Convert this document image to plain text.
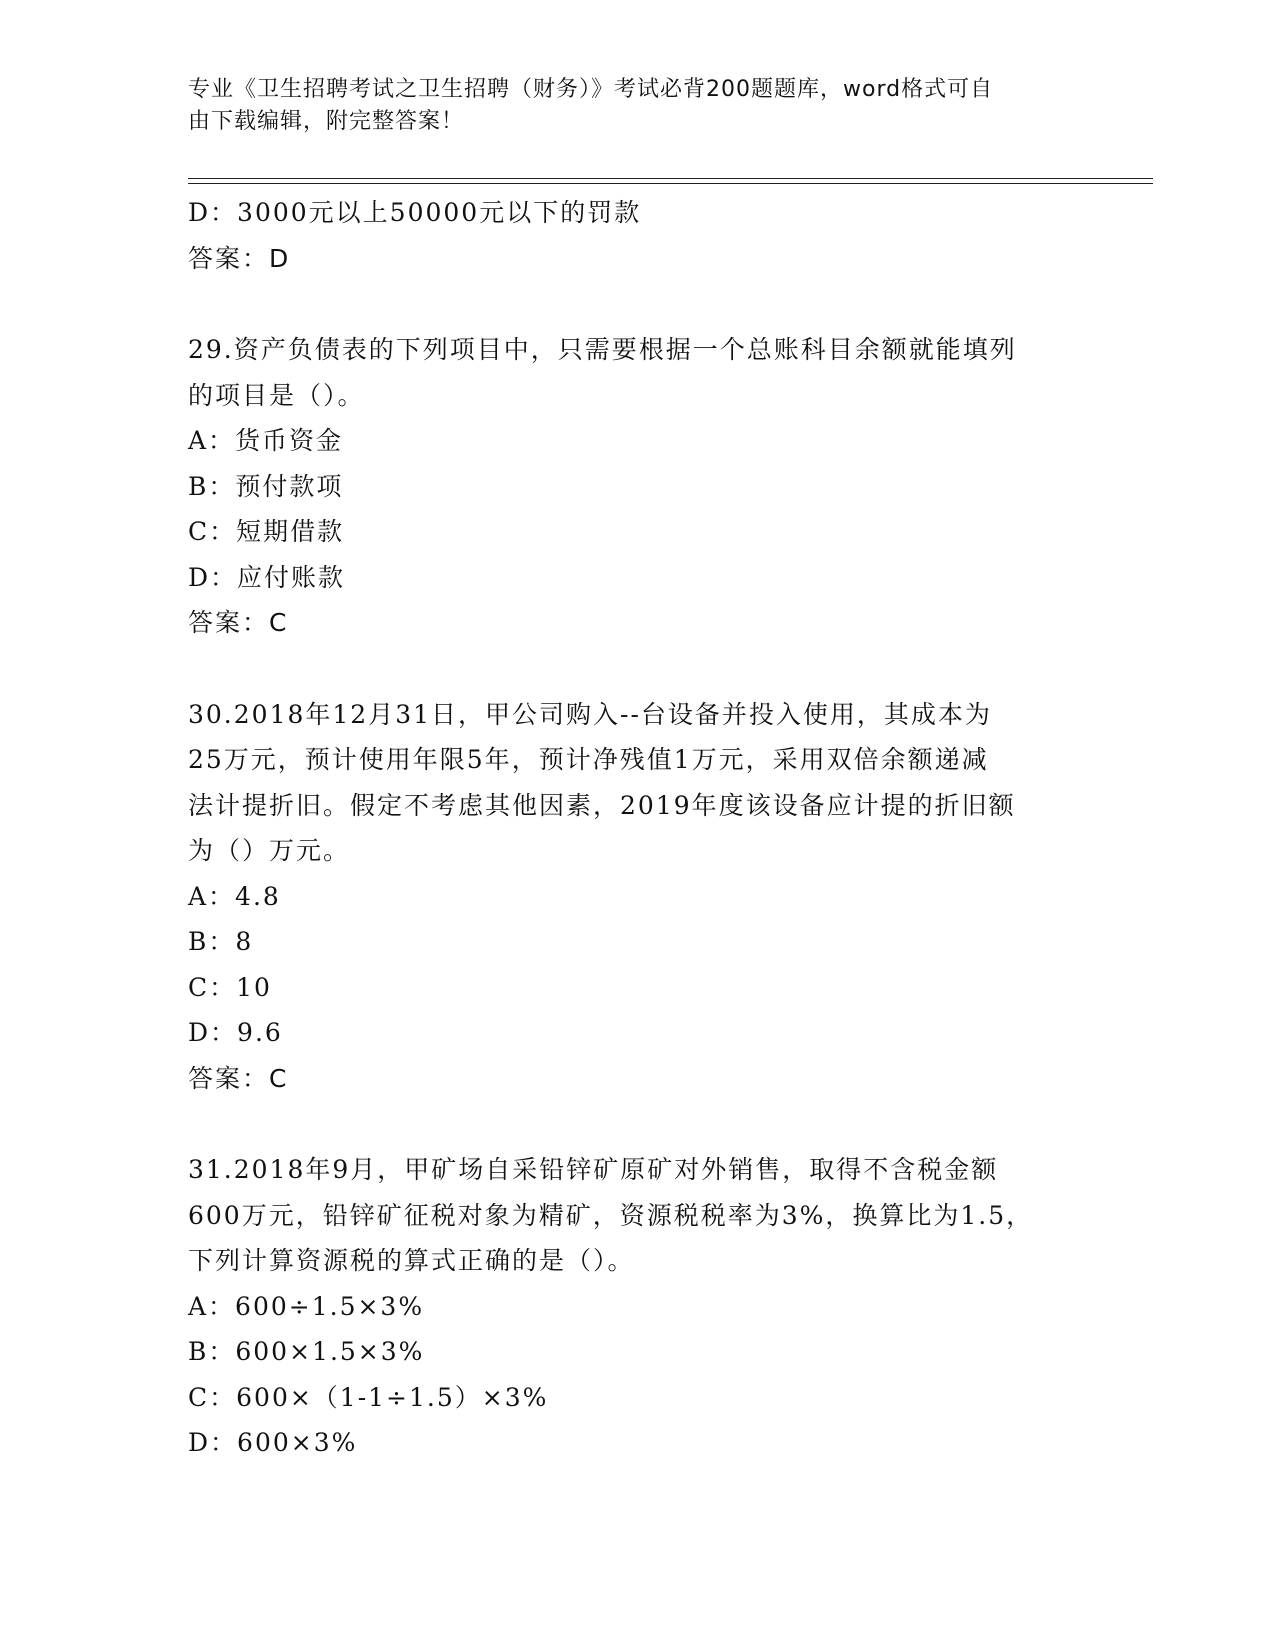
专业《卫生招聘考试之卫生招聘（财务）》考试必背200题题库，word格式可自
由下载编辑，附完整答案！
D：3000元以上50000元以下的罚款
答案：D
29.资产负债表的下列项目中，只需要根据一个总账科目余额就能填列
的项目是（）。
A：货币资金
B：预付款项
C：短期借款
D：应付账款
答案：C
30.2018年12月31日，甲公司购入--台设备并投入使用，其成本为
25万元，预计使用年限5年，预计净残值1万元，采用双倍余额递减
法计提折旧。假定不考虑其他因素，2019年度该设备应计提的折旧额
为（）万元。
A：4.8
B：8
C：10
D：9.6
答案：C
31.2018年9月，甲矿场自采铅锌矿原矿对外销售，取得不含税金额
600万元，铅锌矿征税对象为精矿，资源税税率为3%，换算比为1.5，
下列计算资源税的算式正确的是（）。
A：600÷1.5×3%
B：600×1.5×3%
C：600×（1-1÷1.5）×3%
D：600×3%
